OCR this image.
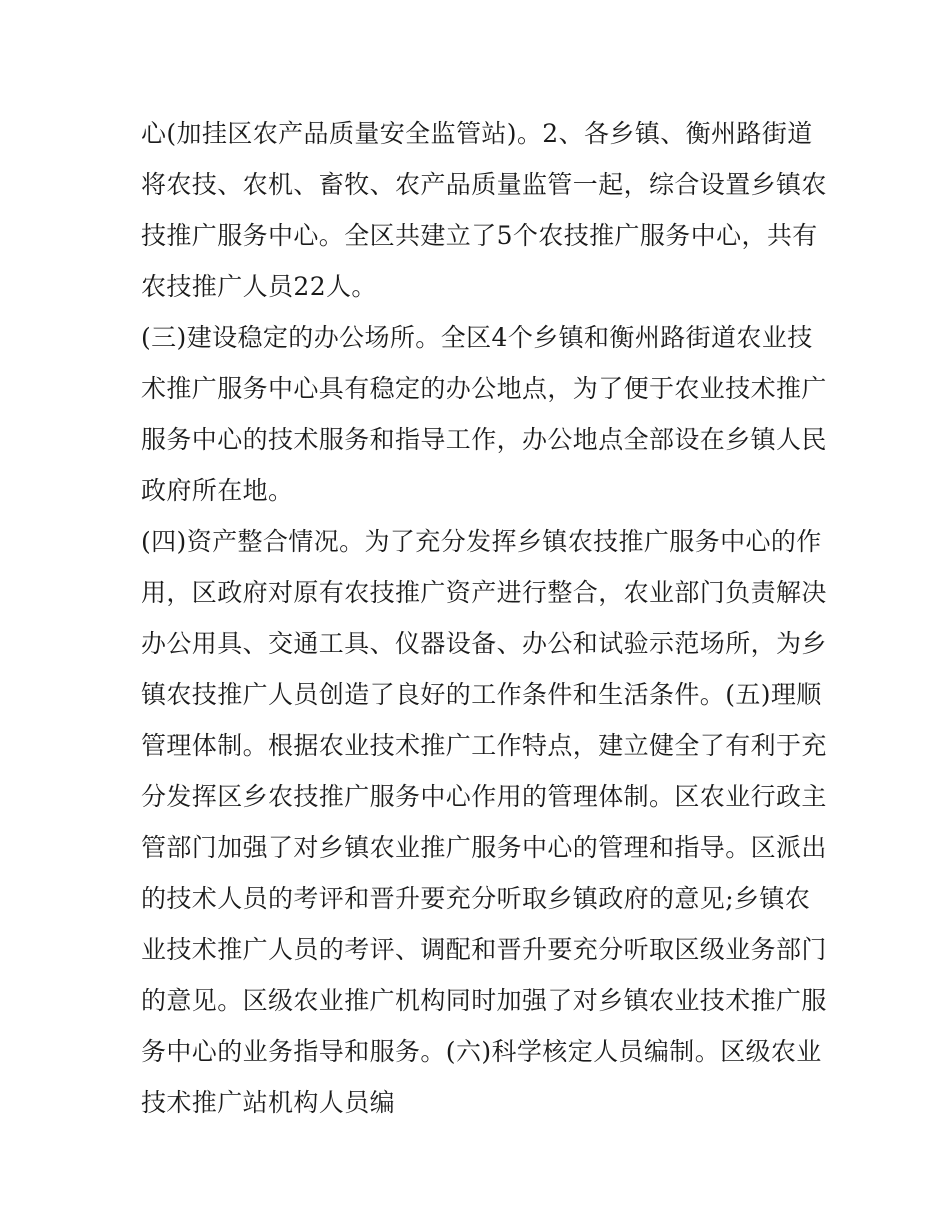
心(加挂区农产品质量安全监管站)。2、各乡镇、衡州路街道
将农技、农机、畜牧、农产品质量监管一起，综合设置乡镇农
技推广服务中心。全区共建立了5个农技推广服务中心，共有
农技推广人员22人。
(三)建设稳定的办公场所。全区4个乡镇和衡州路街道农业技
术推广服务中心具有稳定的办公地点，为了便于农业技术推广
服务中心的技术服务和指导工作，办公地点全部设在乡镇人民
政府所在地。
(四)资产整合情况。为了充分发挥乡镇农技推广服务中心的作
用，区政府对原有农技推广资产进行整合，农业部门负责解决
办公用具、交通工具、仪器设备、办公和试验示范场所，为乡
镇农技推广人员创造了良好的工作条件和生活条件。(五)理顺
管理体制。根据农业技术推广工作特点，建立健全了有利于充
分发挥区乡农技推广服务中心作用的管理体制。区农业行政主
管部门加强了对乡镇农业推广服务中心的管理和指导。区派出
的技术人员的考评和晋升要充分听取乡镇政府的意见;乡镇农
业技术推广人员的考评、调配和晋升要充分听取区级业务部门
的意见。区级农业推广机构同时加强了对乡镇农业技术推广服
务中心的业务指导和服务。(六)科学核定人员编制。区级农业
技术推广站机构人员编
